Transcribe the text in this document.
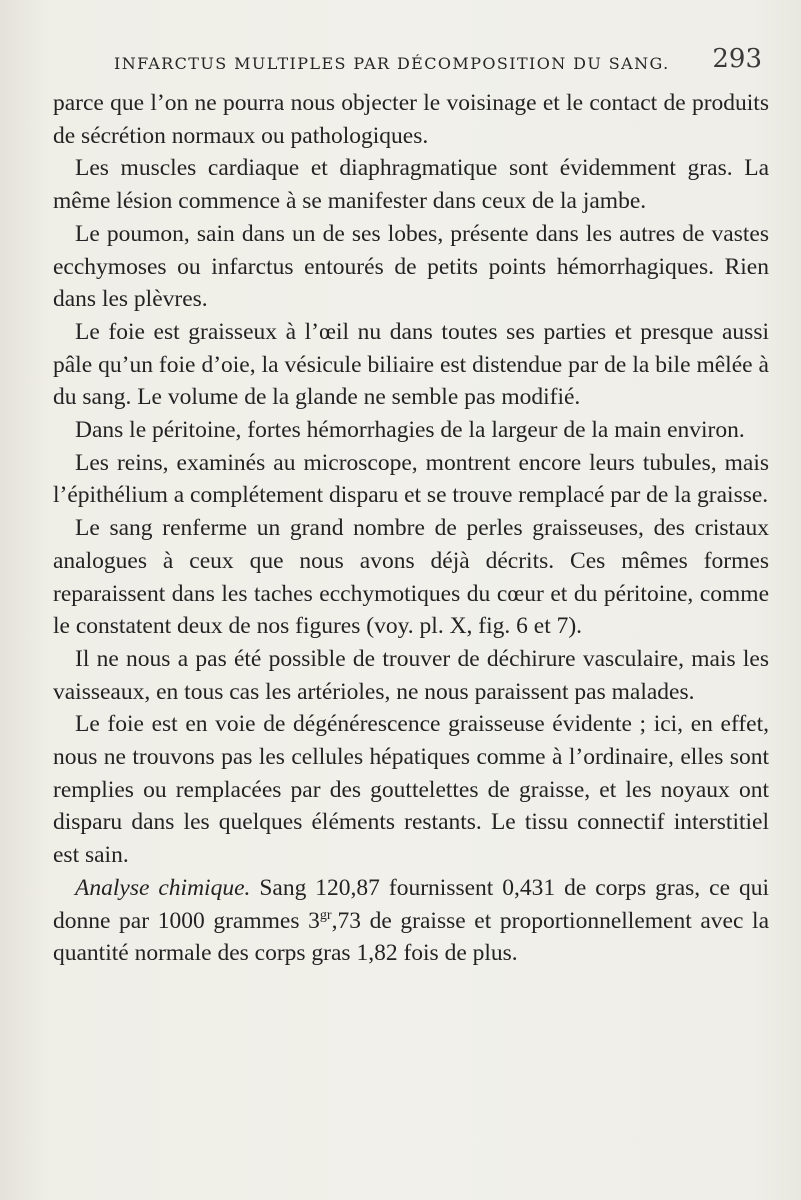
INFARCTUS MULTIPLES PAR DÉCOMPOSITION DU SANG. 293

parce que l’on ne pourra nous objecter le voisinage et le contact de produits de sécrétion normaux ou pathologiques.

Les muscles cardiaque et diaphragmatique sont évidemment gras. La même lésion commence à se manifester dans ceux de la jambe.

Le poumon, sain dans un de ses lobes, présente dans les autres de vastes ecchymoses ou infarctus entourés de petits points hémorrhagiques. Rien dans les plèvres.

Le foie est graisseux à l’œil nu dans toutes ses parties et presque aussi pâle qu’un foie d’oie, la vésicule biliaire est distendue par de la bile mêlée à du sang. Le volume de la glande ne semble pas modifié.

Dans le péritoine, fortes hémorrhagies de la largeur de la main environ.

Les reins, examinés au microscope, montrent encore leurs tubules, mais l’épithélium a complétement disparu et se trouve remplacé par de la graisse.

Le sang renferme un grand nombre de perles graisseuses, des cristaux analogues à ceux que nous avons déjà décrits. Ces mêmes formes reparaissent dans les taches ecchymotiques du cœur et du péritoine, comme le constatent deux de nos figures (voy. pl. X, fig. 6 et 7).

Il ne nous a pas été possible de trouver de déchirure vasculaire, mais les vaisseaux, en tous cas les artérioles, ne nous paraissent pas malades.

Le foie est en voie de dégénérescence graisseuse évidente ; ici, en effet, nous ne trouvons pas les cellules hépatiques comme à l’ordinaire, elles sont remplies ou remplacées par des gouttelettes de graisse, et les noyaux ont disparu dans les quelques éléments restants. Le tissu connectif interstitiel est sain.

Analyse chimique. Sang 120,87 fournissent 0,431 de corps gras, ce qui donne par 1000 grammes $3^{gr},73$ de graisse et proportionnellement avec la quantité normale des corps gras 1,82 fois de plus.
